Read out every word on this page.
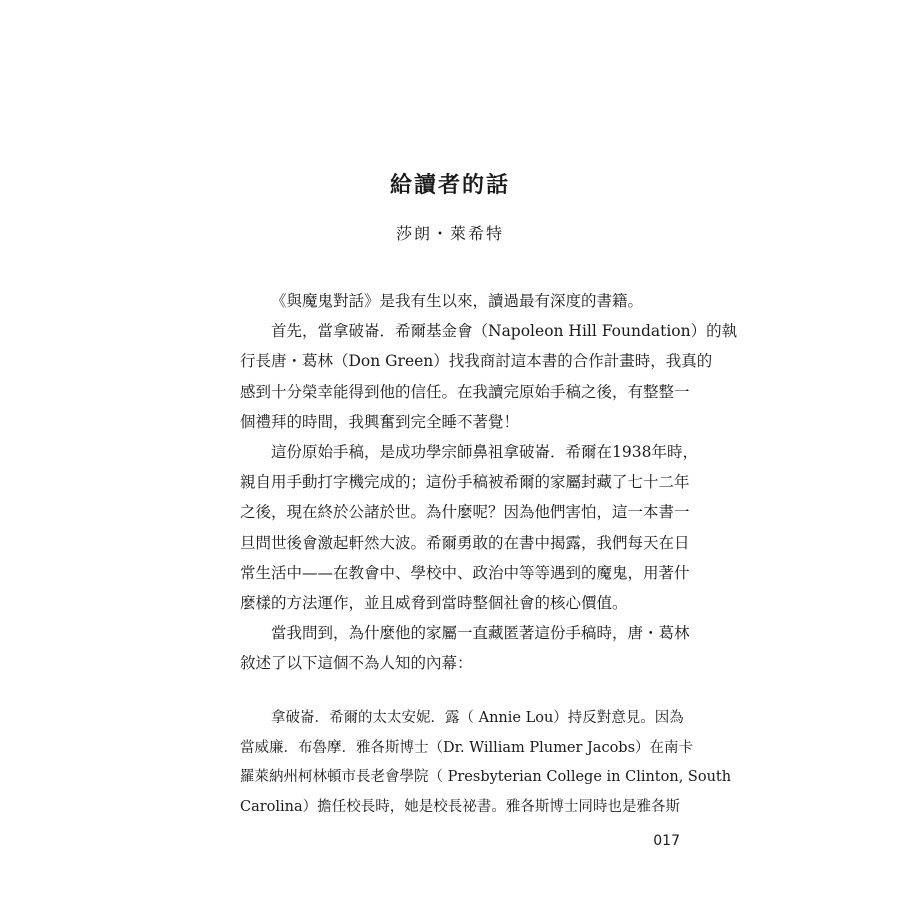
給讀者的話
莎朗・萊希特
《與魔鬼對話》是我有生以來，讀過最有深度的書籍。
首先，當拿破崙．希爾基金會（Napoleon Hill Foundation）的執
行長唐・葛林（Don Green）找我商討這本書的合作計畫時，我真的
感到十分榮幸能得到他的信任。在我讀完原始手稿之後，有整整一
個禮拜的時間，我興奮到完全睡不著覺！
這份原始手稿，是成功學宗師鼻祖拿破崙．希爾在1938年時，
親自用手動打字機完成的；這份手稿被希爾的家屬封藏了七十二年
之後，現在終於公諸於世。為什麼呢？因為他們害怕，這一本書一
旦問世後會激起軒然大波。希爾勇敢的在書中揭露，我們每天在日
常生活中——在教會中、學校中、政治中等等遇到的魔鬼，用著什
麼樣的方法運作，並且威脅到當時整個社會的核心價值。
當我問到，為什麼他的家屬一直藏匿著這份手稿時，唐・葛林
敘述了以下這個不為人知的內幕：
拿破崙．希爾的太太安妮．露（ Annie Lou）持反對意見。因為
當威廉．布魯摩．雅各斯博士（Dr. William Plumer Jacobs）在南卡
羅萊納州柯林頓市長老會學院（ Presbyterian College in Clinton, South
Carolina）擔任校長時，她是校長祕書。雅各斯博士同時也是雅各斯
017
